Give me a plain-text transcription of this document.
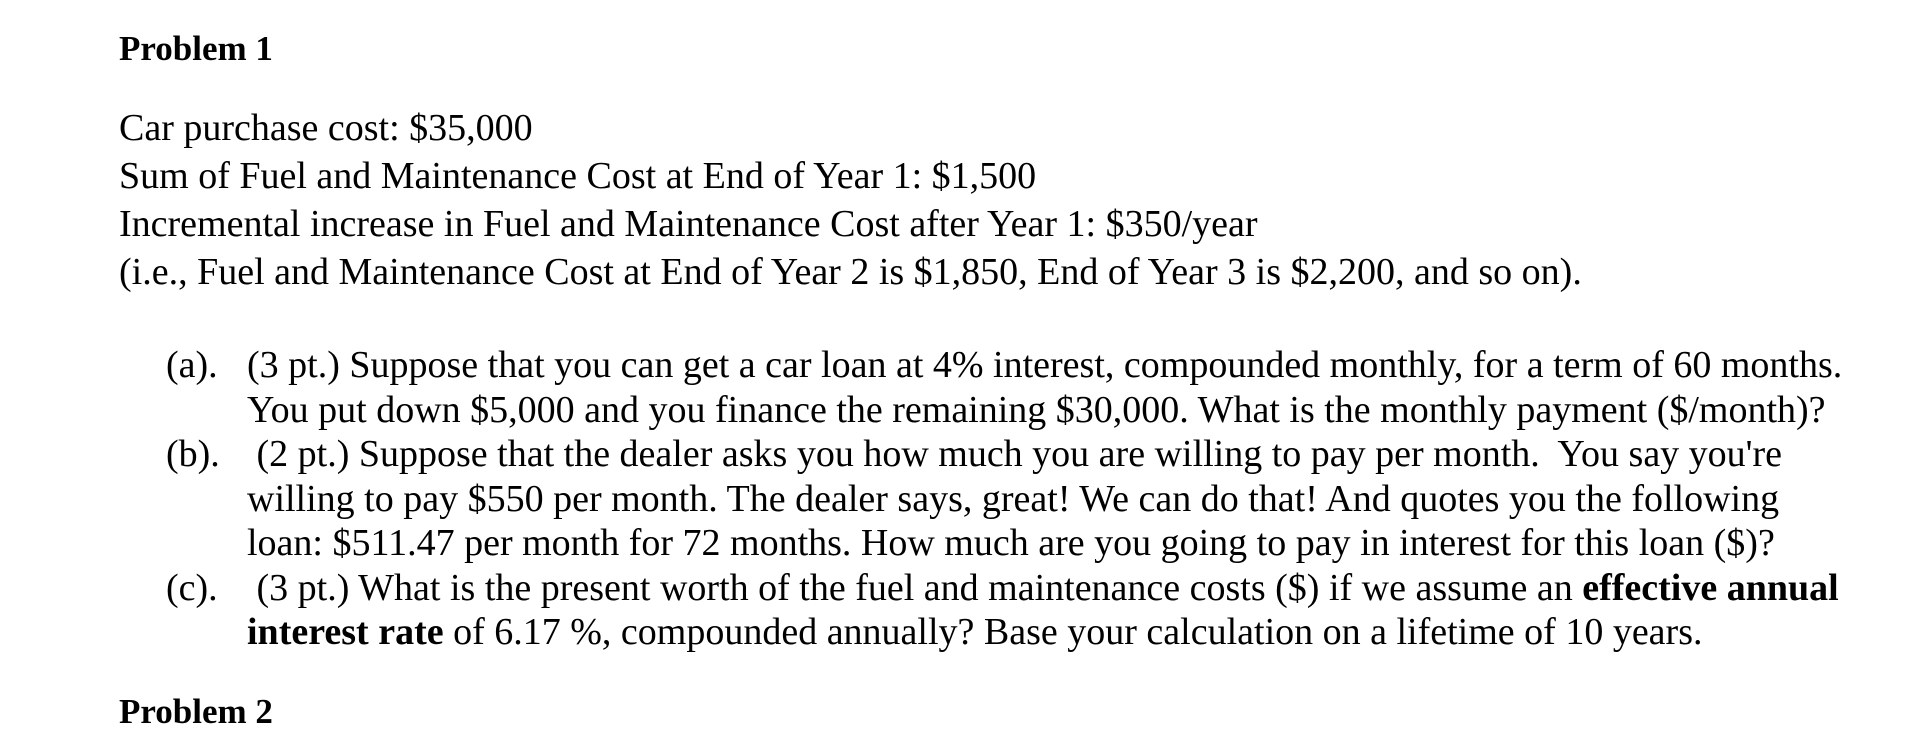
Problem 1
Car purchase cost: $35,000
Sum of Fuel and Maintenance Cost at End of Year 1: $1,500
Incremental increase in Fuel and Maintenance Cost after Year 1: $350/year
(i.e., Fuel and Maintenance Cost at End of Year 2 is $1,850, End of Year 3 is $2,200, and so on).
(a). (3 pt.) Suppose that you can get a car loan at 4% interest, compounded monthly, for a term of 60 months.
You put down $5,000 and you finance the remaining $30,000. What is the monthly payment ($/month)?
(b). (2 pt.) Suppose that the dealer asks you how much you are willing to pay per month.  You say you're
willing to pay $550 per month. The dealer says, great! We can do that! And quotes you the following
loan: $511.47 per month for 72 months. How much are you going to pay in interest for this loan ($)?
(c). (3 pt.) What is the present worth of the fuel and maintenance costs ($) if we assume an effective annual
interest rate of 6.17 %, compounded annually? Base your calculation on a lifetime of 10 years.
Problem 2
